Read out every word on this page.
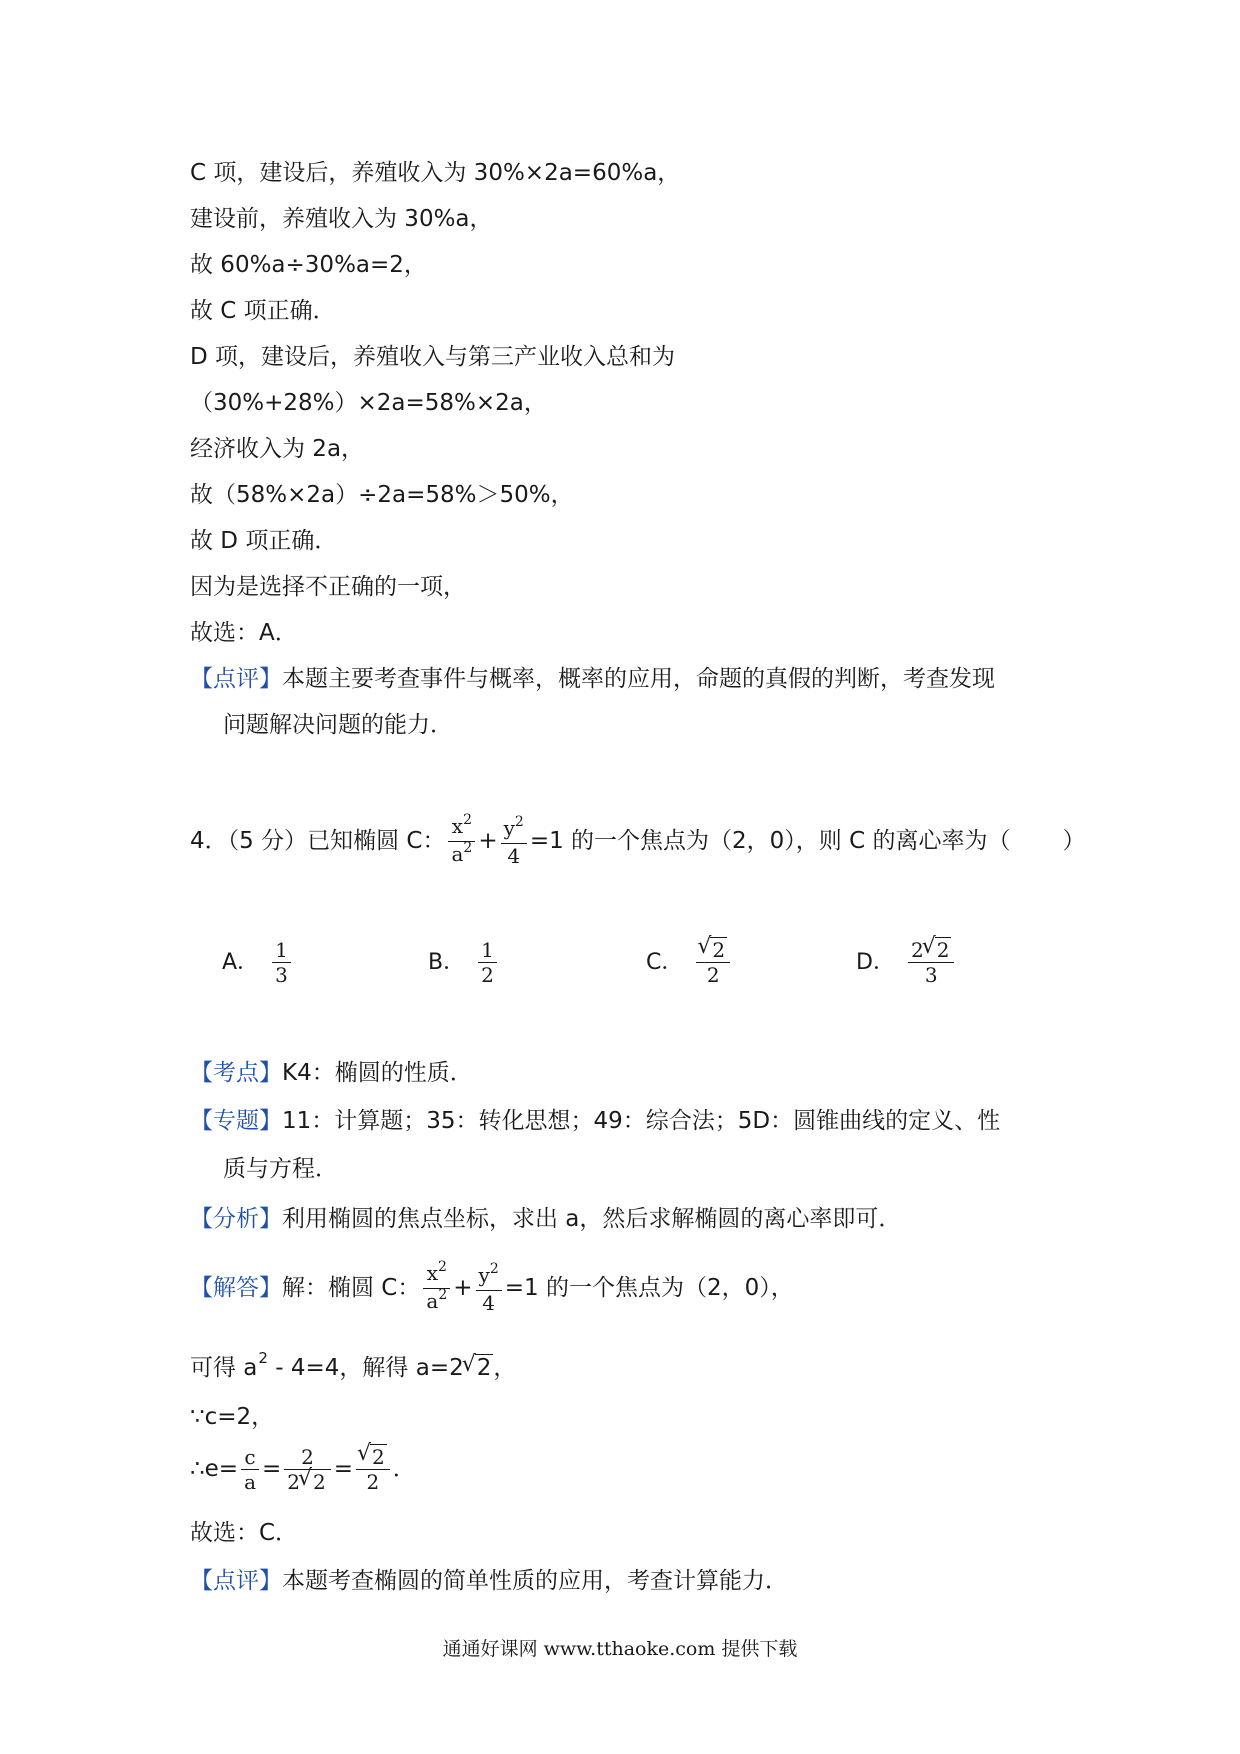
C 项，建设后，养殖收入为 30%×2a=60%a，
建设前，养殖收入为 30%a，
故 60%a÷30%a=2，
故 C 项正确．
D 项，建设后，养殖收入与第三产业收入总和为
（30%+28%）×2a=58%×2a，
经济收入为 2a，
故（58%×2a）÷2a=58%＞50%，
故 D 项正确．
因为是选择不正确的一项，
故选：A．
【点评】本题主要考查事件与概率，概率的应用，命题的真假的判断，考查发现
问题解决问题的能力．
4．（5 分）已知椭圆 C： $\frac{x^2}{a^2} + \frac{y^2}{4} =1$ 的一个焦点为（2，0），则 C 的离心率为（ ）
A． $\frac{1}{3}$	B． $\frac{1}{2}$	C． √ $\frac{2}{2}$	D． $\frac{2 √ 2}{3}$
【考点】K4：椭圆的性质．
【专题】11：计算题；35：转化思想；49：综合法；5D：圆锥曲线的定义、性
质与方程．
【分析】利用椭圆的焦点坐标，求出 a，然后求解椭圆的离心率即可．
【解答】解：椭圆 C： $\frac{x^2}{a^2} + \frac{y^2}{4} =1$ 的一个焦点为（2，0），
可得 $a^2 - 4=4$，解得 a=2 √ 2，
∵c=2，
∴e= $\frac{c}{a} = \frac{2}{2 √ 2}$ = √ $\frac{2}{2}$ ．
故选：C．
【点评】本题考查椭圆的简单性质的应用，考查计算能力．
通通好课网 www.tthaoke.com 提供下载
